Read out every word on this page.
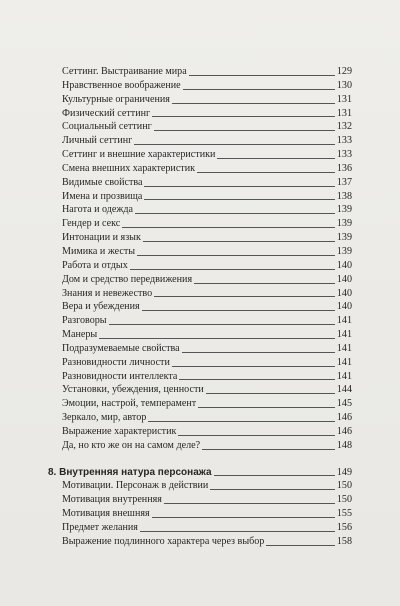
Сеттинг. Выстраивание мира	129
Нравственное воображение	130
Культурные ограничения	131
Физический сеттинг	131
Социальный сеттинг	132
Личный сеттинг	133
Сеттинг и внешние характеристики	133
Смена внешних характеристик	136
Видимые свойства	137
Имена и прозвища	138
Нагота и одежда	139
Гендер и секс	139
Интонации и язык	139
Мимика и жесты	139
Работа и отдых	140
Дом и средство передвижения	140
Знания и невежество	140
Вера и убеждения	140
Разговоры	141
Манеры	141
Подразумеваемые свойства	141
Разновидности личности	141
Разновидности интеллекта	141
Установки, убеждения, ценности	144
Эмоции, настрой, темперамент	145
Зеркало, мир, автор	146
Выражение характеристик	146
Да, но кто же он на самом деле?	148
8. Внутренняя натура персонажа	149
Мотивации. Персонаж в действии	150
Мотивация внутренняя	150
Мотивация внешняя	155
Предмет желания	156
Выражение подлинного характера через выбор	158
